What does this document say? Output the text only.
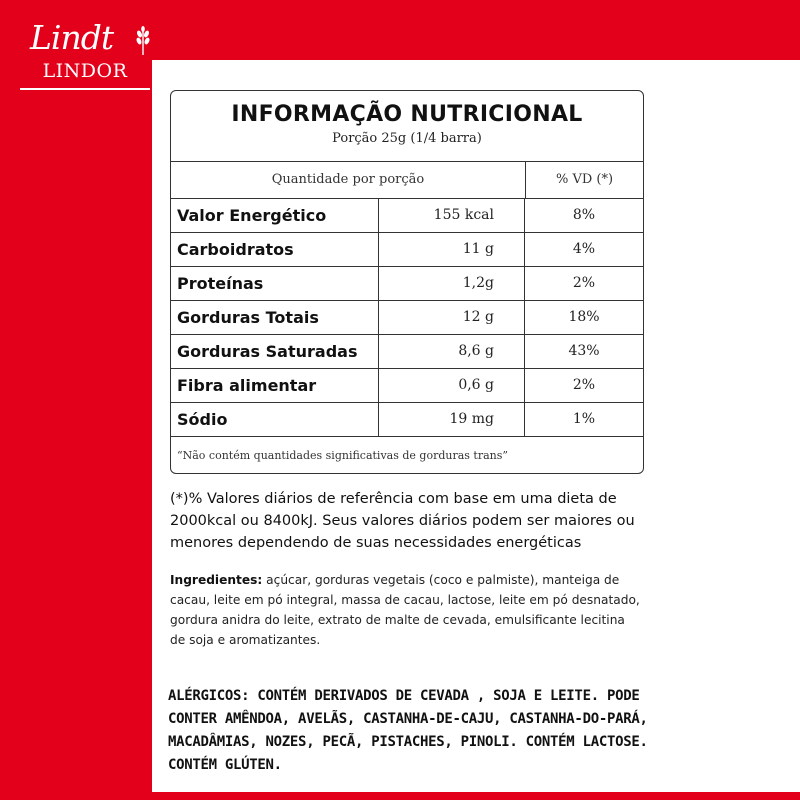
Lindt
LINDOR
INFORMAÇÃO NUTRICIONAL
Porção 25g (1/4 barra)
Quantidade por porção	% VD (*)
Valor Energético	155 kcal	8%
Carboidratos	11 g	4%
Proteínas	1,2g	2%
Gorduras Totais	12 g	18%
Gorduras Saturadas	8,6 g	43%
Fibra alimentar	0,6 g	2%
Sódio	19 mg	1%
“Não contém quantidades significativas de gorduras trans”
(*)% Valores diários de referência com base em uma dieta de 2000kcal ou 8400kJ. Seus valores diários podem ser maiores ou menores dependendo de suas necessidades energéticas
Ingredientes: açúcar, gorduras vegetais (coco e palmiste), manteiga de cacau, leite em pó integral, massa de cacau, lactose, leite em pó desnatado, gordura anidra do leite, extrato de malte de cevada, emulsificante lecitina de soja e aromatizantes.
ALÉRGICOS: CONTÉM DERIVADOS DE CEVADA , SOJA E LEITE. PODE CONTER AMÊNDOA, AVELÃS, CASTANHA-DE-CAJU, CASTANHA-DO-PARÁ, MACADÂMIAS, NOZES, PECÃ, PISTACHES, PINOLI. CONTÉM LACTOSE. CONTÉM GLÚTEN.
